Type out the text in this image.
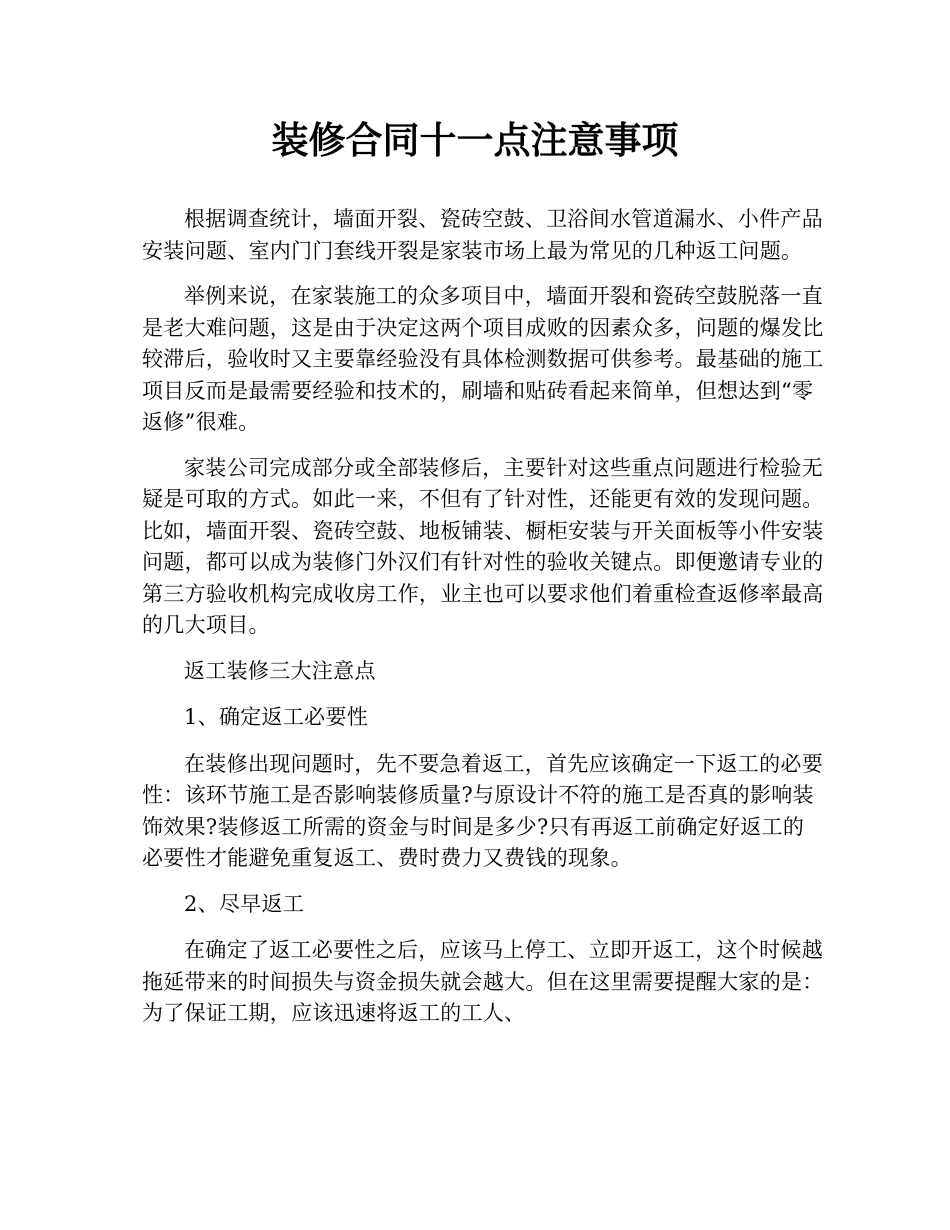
装修合同十一点注意事项

根据调查统计，墙面开裂、瓷砖空鼓、卫浴间水管道漏水、小件产品安装问题、室内门门套线开裂是家装市场上最为常见的几种返工问题。

举例来说，在家装施工的众多项目中，墙面开裂和瓷砖空鼓脱落一直是老大难问题，这是由于决定这两个项目成败的因素众多，问题的爆发比较滞后，验收时又主要靠经验没有具体检测数据可供参考。最基础的施工项目反而是最需要经验和技术的，刷墙和贴砖看起来简单，但想达到“零返修”很难。

家装公司完成部分或全部装修后，主要针对这些重点问题进行检验无疑是可取的方式。如此一来，不但有了针对性，还能更有效的发现问题。比如，墙面开裂、瓷砖空鼓、地板铺装、橱柜安装与开关面板等小件安装问题，都可以成为装修门外汉们有针对性的验收关键点。即便邀请专业的第三方验收机构完成收房工作，业主也可以要求他们着重检查返修率最高的几大项目。

返工装修三大注意点

1、确定返工必要性

在装修出现问题时，先不要急着返工，首先应该确定一下返工的必要性：该环节施工是否影响装修质量?与原设计不符的施工是否真的影响装饰效果?装修返工所需的资金与时间是多少?只有再返工前确定好返工的必要性才能避免重复返工、费时费力又费钱的现象。

2、尽早返工

在确定了返工必要性之后，应该马上停工、立即开返工，这个时候越拖延带来的时间损失与资金损失就会越大。但在这里需要提醒大家的是：为了保证工期，应该迅速将返工的工人、
